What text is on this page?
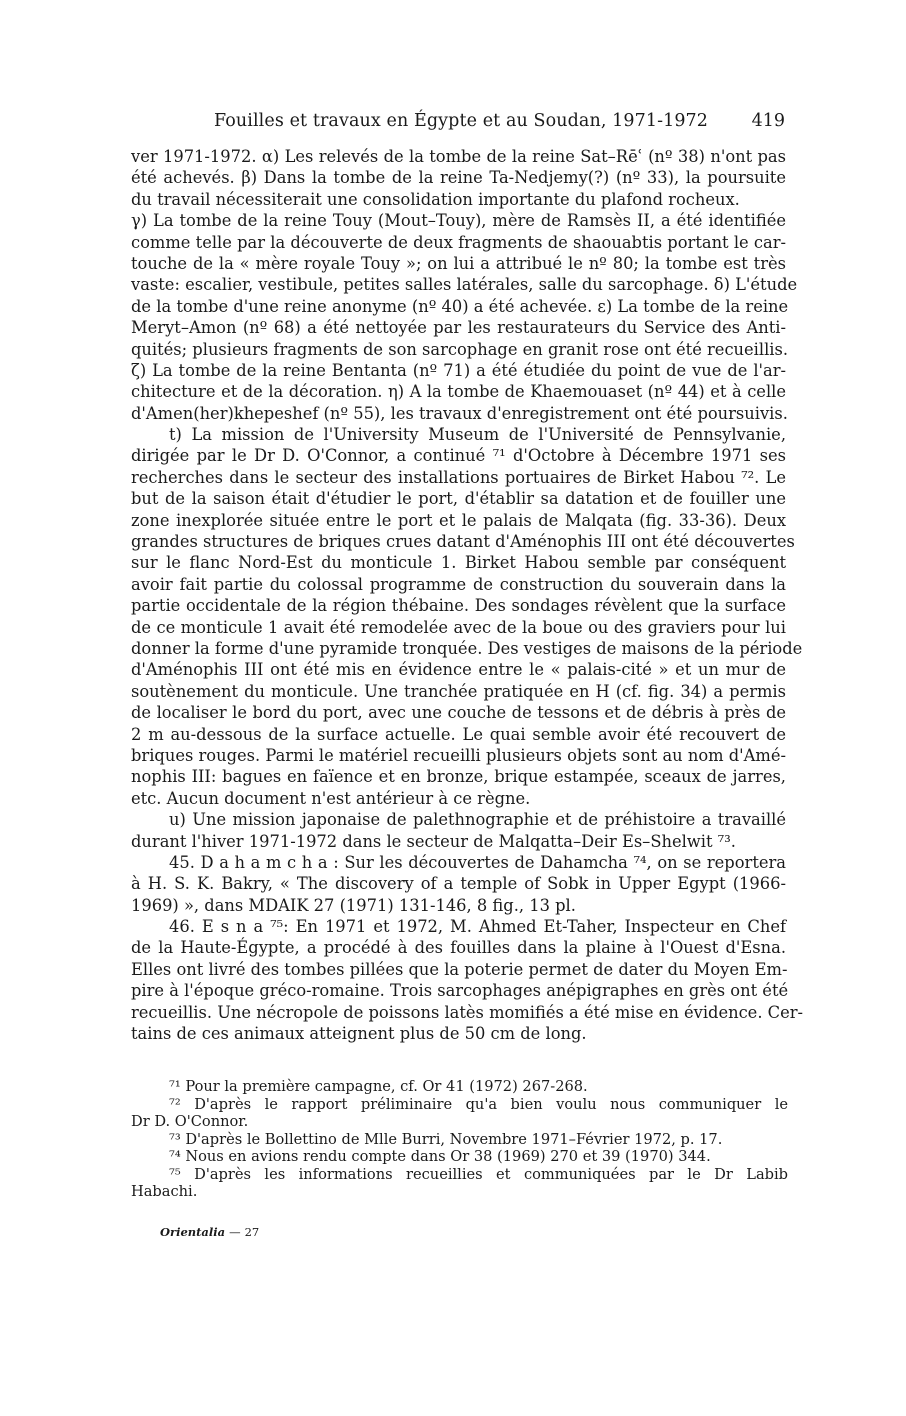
Fouilles et travaux en Égypte et au Soudan, 1971-1972 419
ver 1971-1972. α) Les relevés de la tombe de la reine Sat–Rēʿ (nº 38) n'ont pas
été achevés. β) Dans la tombe de la reine Ta-Nedjemy(?) (nº 33), la poursuite
du travail nécessiterait une consolidation importante du plafond rocheux.
γ) La tombe de la reine Touy (Mout–Touy), mère de Ramsès II, a été identifiée
comme telle par la découverte de deux fragments de shaouabtis portant le car-
touche de la « mère royale Touy »; on lui a attribué le nº 80; la tombe est très
vaste: escalier, vestibule, petites salles latérales, salle du sarcophage. δ) L'étude
de la tombe d'une reine anonyme (nº 40) a été achevée. ε) La tombe de la reine
Meryt–Amon (nº 68) a été nettoyée par les restaurateurs du Service des Anti-
quités; plusieurs fragments de son sarcophage en granit rose ont été recueillis.
ζ) La tombe de la reine Bentanta (nº 71) a été étudiée du point de vue de l'ar-
chitecture et de la décoration. η) A la tombe de Khaemouaset (nº 44) et à celle
d'Amen(her)khepeshef (nº 55), les travaux d'enregistrement ont été poursuivis.
t) La mission de l'University Museum de l'Université de Pennsylvanie,
dirigée par le Dr D. O'Connor, a continué ⁷¹ d'Octobre à Décembre 1971 ses
recherches dans le secteur des installations portuaires de Birket Habou ⁷². Le
but de la saison était d'étudier le port, d'établir sa datation et de fouiller une
zone inexplorée située entre le port et le palais de Malqata (fig. 33-36). Deux
grandes structures de briques crues datant d'Aménophis III ont été découvertes
sur le flanc Nord-Est du monticule 1. Birket Habou semble par conséquent
avoir fait partie du colossal programme de construction du souverain dans la
partie occidentale de la région thébaine. Des sondages révèlent que la surface
de ce monticule 1 avait été remodelée avec de la boue ou des graviers pour lui
donner la forme d'une pyramide tronquée. Des vestiges de maisons de la période
d'Aménophis III ont été mis en évidence entre le « palais-cité » et un mur de
soutènement du monticule. Une tranchée pratiquée en H (cf. fig. 34) a permis
de localiser le bord du port, avec une couche de tessons et de débris à près de
2 m au-dessous de la surface actuelle. Le quai semble avoir été recouvert de
briques rouges. Parmi le matériel recueilli plusieurs objets sont au nom d'Amé-
nophis III: bagues en faïence et en bronze, brique estampée, sceaux de jarres,
etc. Aucun document n'est antérieur à ce règne.
u) Une mission japonaise de palethnographie et de préhistoire a travaillé
durant l'hiver 1971-1972 dans le secteur de Malqatta–Deir Es–Shelwit ⁷³.
45. D a h a m c h a : Sur les découvertes de Dahamcha ⁷⁴, on se reportera
à H. S. K. Bakry, « The discovery of a temple of Sobk in Upper Egypt (1966-
1969) », dans MDAIK 27 (1971) 131-146, 8 fig., 13 pl.
46. E s n a ⁷⁵: En 1971 et 1972, M. Ahmed Et-Taher, Inspecteur en Chef
de la Haute-Égypte, a procédé à des fouilles dans la plaine à l'Ouest d'Esna.
Elles ont livré des tombes pillées que la poterie permet de dater du Moyen Em-
pire à l'époque gréco-romaine. Trois sarcophages anépigraphes en grès ont été
recueillis. Une nécropole de poissons latès momifiés a été mise en évidence. Cer-
tains de ces animaux atteignent plus de 50 cm de long.
⁷¹ Pour la première campagne, cf. Or 41 (1972) 267-268.
⁷² D'après le rapport préliminaire qu'a bien voulu nous communiquer le
Dr D. O'Connor.
⁷³ D'après le Bollettino de Mlle Burri, Novembre 1971–Février 1972, p. 17.
⁷⁴ Nous en avions rendu compte dans Or 38 (1969) 270 et 39 (1970) 344.
⁷⁵ D'après les informations recueillies et communiquées par le Dr Labib
Habachi.
Orientalia — 27
